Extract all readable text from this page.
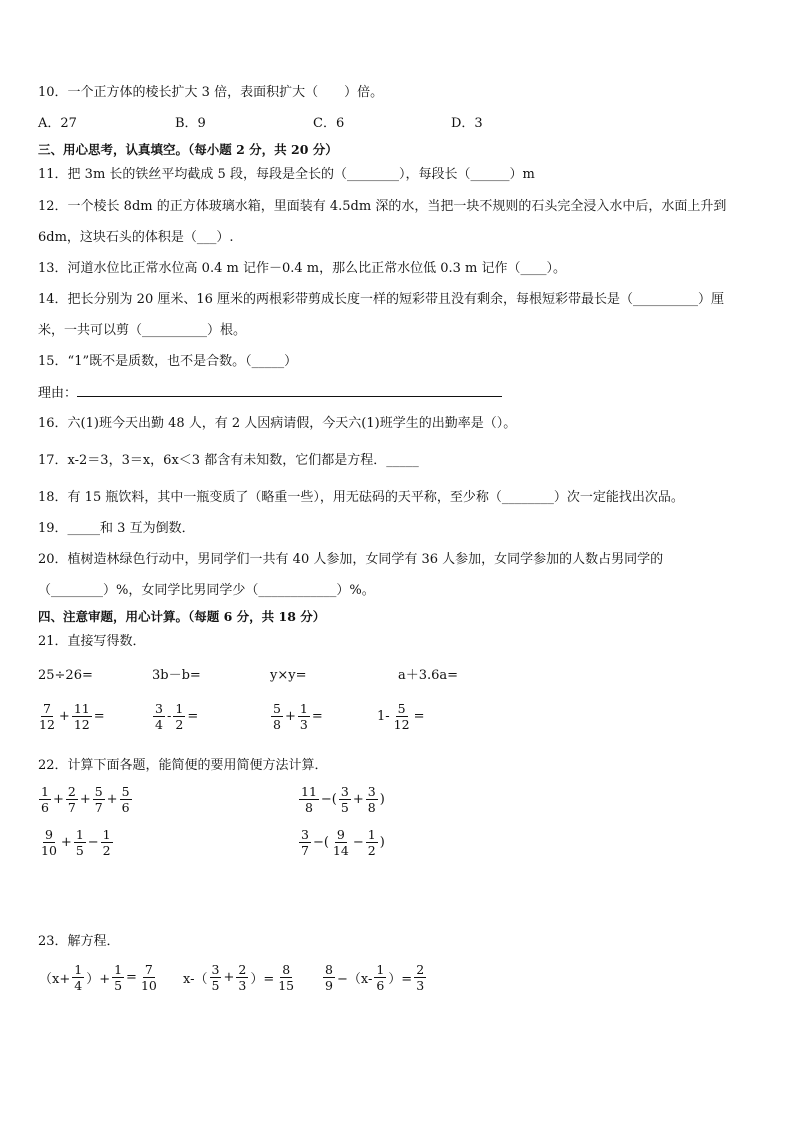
10．一个正方体的棱长扩大 3 倍，表面积扩大（　　）倍。
A．27	B．9	C．6	D．3
三、用心思考，认真填空。（每小题 2 分，共 20 分）
11．把 3m 长的铁丝平均截成 5 段，每段是全长的（________），每段长（______）m
12．一个棱长 8dm 的正方体玻璃水箱，里面装有 4.5dm 深的水，当把一块不规则的石头完全浸入水中后，水面上升到
6dm，这块石头的体积是（___）.
13．河道水位比正常水位高 0.4 m 记作－0.4 m，那么比正常水位低 0.3 m 记作（____）。
14．把长分别为 20 厘米、16 厘米的两根彩带剪成长度一样的短彩带且没有剩余，每根短彩带最长是（__________）厘
米，一共可以剪（__________）根。
15．“1”既不是质数，也不是合数。（_____）
理由：
16．六(1)班今天出勤 48 人，有 2 人因病请假，今天六(1)班学生的出勤率是（）。
17．x-2＝3，3＝x，6x＜3 都含有未知数，它们都是方程．_____
18．有 15 瓶饮料，其中一瓶变质了（略重一些），用无砝码的天平称，至少称（________）次一定能找出次品。
19．_____和 3 互为倒数．
20．植树造林绿色行动中，男同学们一共有 40 人参加，女同学有 36 人参加，女同学参加的人数占男同学的
（________）%，女同学比男同学少（____________）%。
四、注意审题，用心计算。（每题 6 分，共 18 分）
21．直接写得数．
25÷26=	3b－b=	y×y=	a＋3.6a=
$\frac{7}{12} + \frac{11}{12}$ =	$\frac{3}{4} - \frac{1}{2}$ =	$\frac{5}{8} + \frac{1}{3}$ =	$1- \frac{5}{12}$ =
22．计算下面各题，能简便的要用简便方法计算．
$\frac{1}{6} + \frac{2}{7} + \frac{5}{7} + \frac{5}{6}$	$\frac{11}{8}$ −( $\frac{3}{5} + \frac{3}{8}$ )
$\frac{9}{10} + \frac{1}{5} - \frac{1}{2}$	$\frac{3}{7}$ −( $\frac{9}{14} - \frac{1}{2}$ )
23．解方程．
（$x+ \frac{1}{4}$ ）+ $\frac{1}{5} = \frac{7}{10} x-( \frac{3}{5} + \frac{2}{3}$ ）= $\frac{8}{15} \frac{8}{9} -(x- \frac{1}{6}$ ）= $\frac{2}{3}$
